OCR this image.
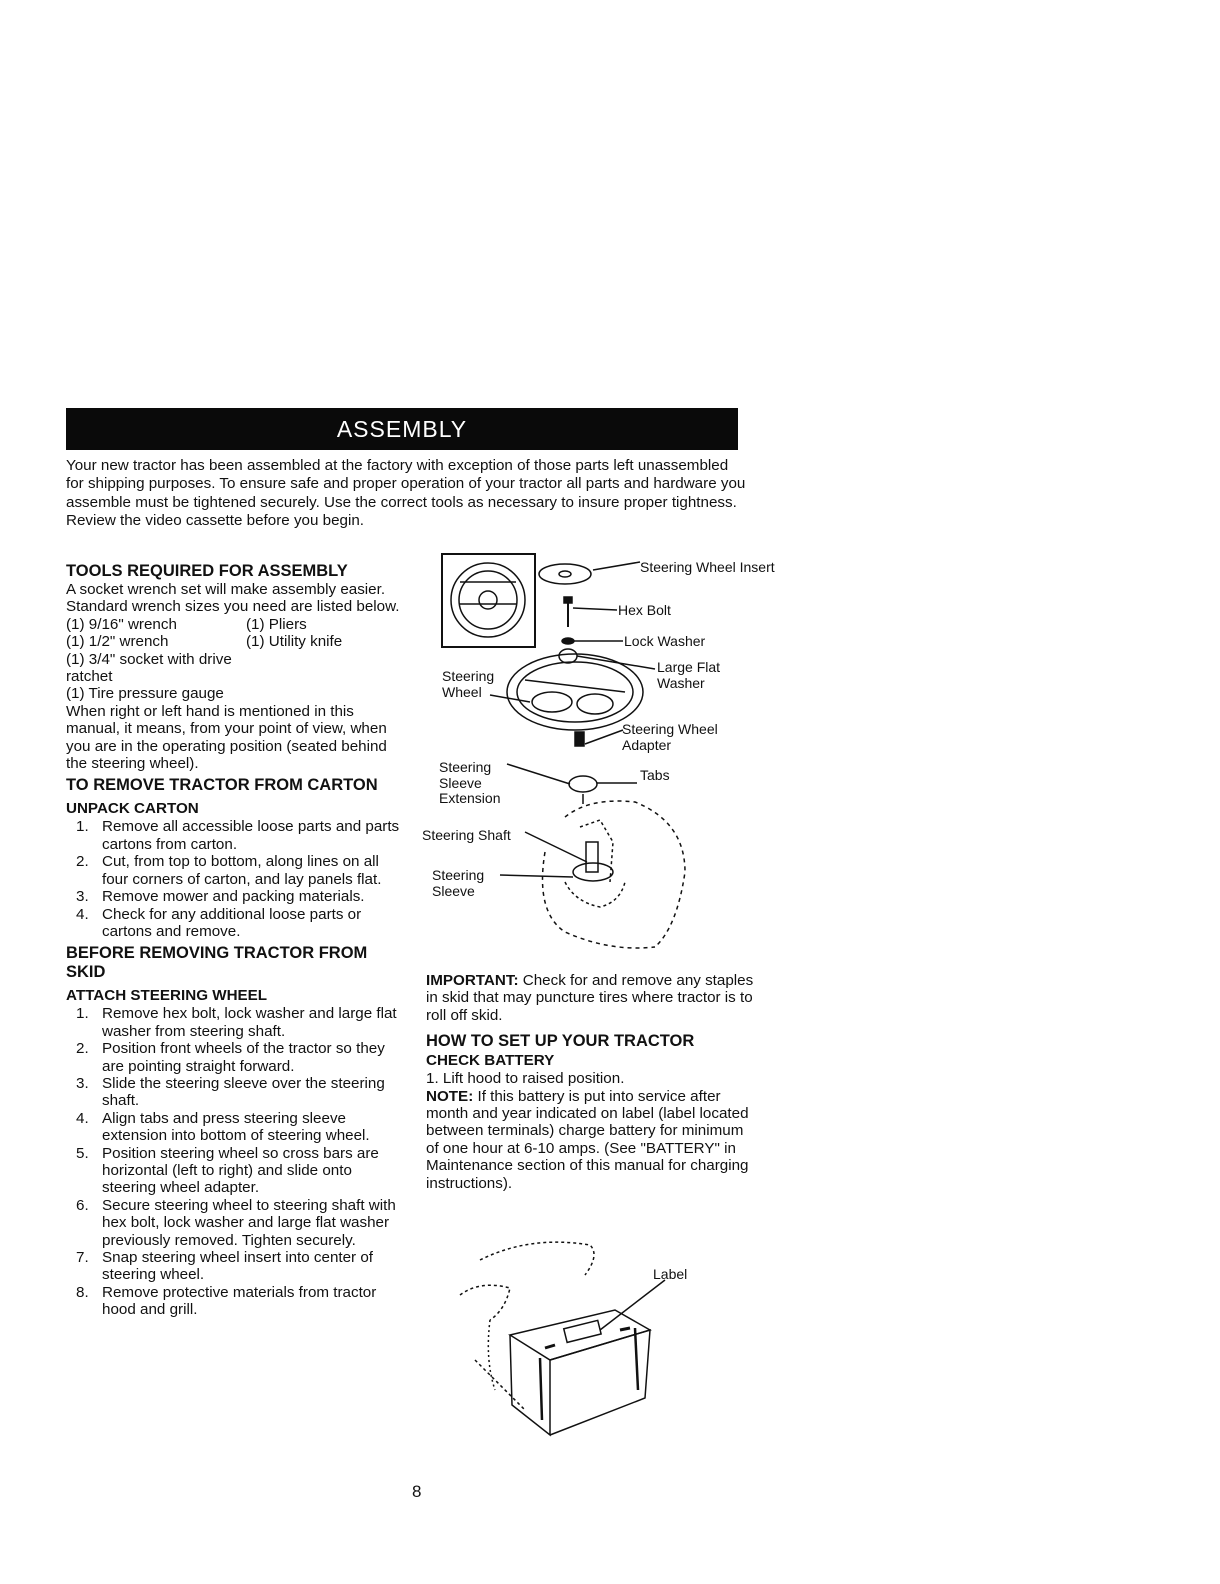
ASSEMBLY

Your new tractor has been assembled at the factory with exception of those parts left unassembled for shipping purposes. To ensure safe and proper operation of your tractor all parts and hardware you assemble must be tightened securely. Use the correct tools as necessary to insure proper tightness. Review the video cassette before you begin.

TOOLS REQUIRED FOR ASSEMBLY

A socket wrench set will make assembly easier. Standard wrench sizes you need are listed below.

(1) 9/16" wrench
(1) 1/2" wrench
(1) 3/4" socket with drive ratchet
(1) Pliers
(1) Utility knife

(1) Tire pressure gauge

When right or left hand is mentioned in this manual, it means, from your point of view, when you are in the operating position (seated behind the steering wheel).

TO REMOVE TRACTOR FROM CARTON
UNPACK CARTON
1. Remove all accessible loose parts and parts cartons from carton.
2. Cut, from top to bottom, along lines on all four corners of carton, and lay panels flat.
3. Remove mower and packing materials.
4. Check for any additional loose parts or cartons and remove.
BEFORE REMOVING TRACTOR FROM SKID
ATTACH STEERING WHEEL
1. Remove hex bolt, lock washer and large flat washer from steering shaft.
2. Position front wheels of the tractor so they are pointing straight forward.
3. Slide the steering sleeve over the steering shaft.
4. Align tabs and press steering sleeve extension into bottom of steering wheel.
5. Position steering wheel so cross bars are horizontal (left to right) and slide onto steering wheel adapter.
6. Secure steering wheel to steering shaft with hex bolt, lock washer and large flat washer previously removed. Tighten securely.
7. Snap steering wheel insert into center of steering wheel.
8. Remove protective materials from tractor hood and grill.
Steering Wheel Insert
Hex Bolt
Lock Washer
Large Flat Washer
Steering Wheel
Steering Wheel Adapter
Steering Sleeve Extension
Tabs
Steering Shaft
Steering Sleeve

IMPORTANT: Check for and remove any staples in skid that may puncture tires where tractor is to roll off skid.

HOW TO SET UP YOUR TRACTOR
CHECK BATTERY

1. Lift hood to raised position.

NOTE: If this battery is put into service after month and year indicated on label (label located between terminals) charge battery for minimum of one hour at 6-10 amps. (See "BATTERY" in Maintenance section of this manual for charging instructions).

Label
8
